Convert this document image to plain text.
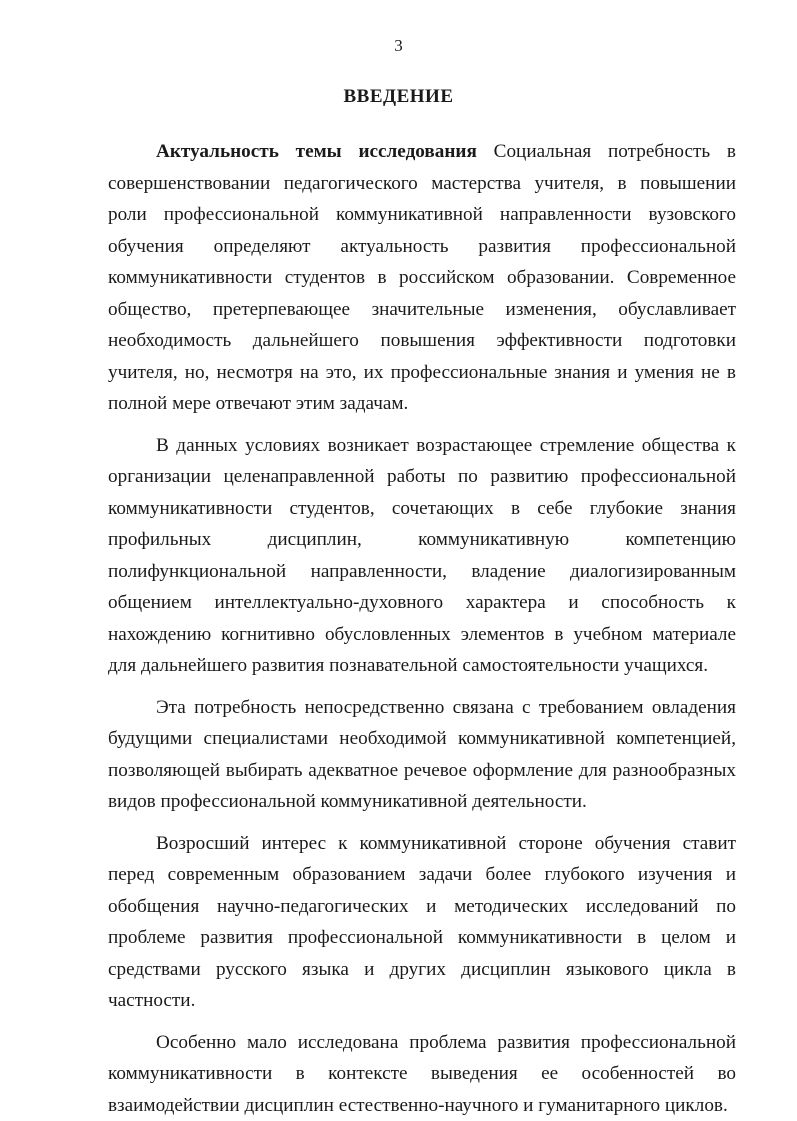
3
ВВЕДЕНИЕ

Актуальность темы исследования Социальная потребность в совершенствовании педагогического мастерства учителя, в повышении роли профессиональной коммуникативной направленности вузовского обучения определяют актуальность развития профессиональной коммуникативности студентов в российском образовании. Современное общество, претерпевающее значительные изменения, обуславливает необходимость дальнейшего повышения эффективности подготовки учителя, но, несмотря на это, их профессиональные знания и умения не в полной мере отвечают этим задачам.

В данных условиях возникает возрастающее стремление общества к организации целенаправленной работы по развитию профессиональной коммуникативности студентов, сочетающих в себе глубокие знания профильных дисциплин, коммуникативную компетенцию полифункциональной направленности, владение диалогизированным общением интеллектуально-духовного характера и способность к нахождению когнитивно обусловленных элементов в учебном материале для дальнейшего развития познавательной самостоятельности учащихся.

Эта потребность непосредственно связана с требованием овладения будущими специалистами необходимой коммуникативной компетенцией, позволяющей выбирать адекватное речевое оформление для разнообразных видов профессиональной коммуникативной деятельности.

Возросший интерес к коммуникативной стороне обучения ставит перед современным образованием задачи более глубокого изучения и обобщения научно-педагогических и методических исследований по проблеме развития профессиональной коммуникативности в целом и средствами русского языка и других дисциплин языкового цикла в частности.

Особенно мало исследована проблема развития профессиональной коммуникативности в контексте выведения ее особенностей во взаимодействии дисциплин естественно-научного и гуманитарного циклов.
